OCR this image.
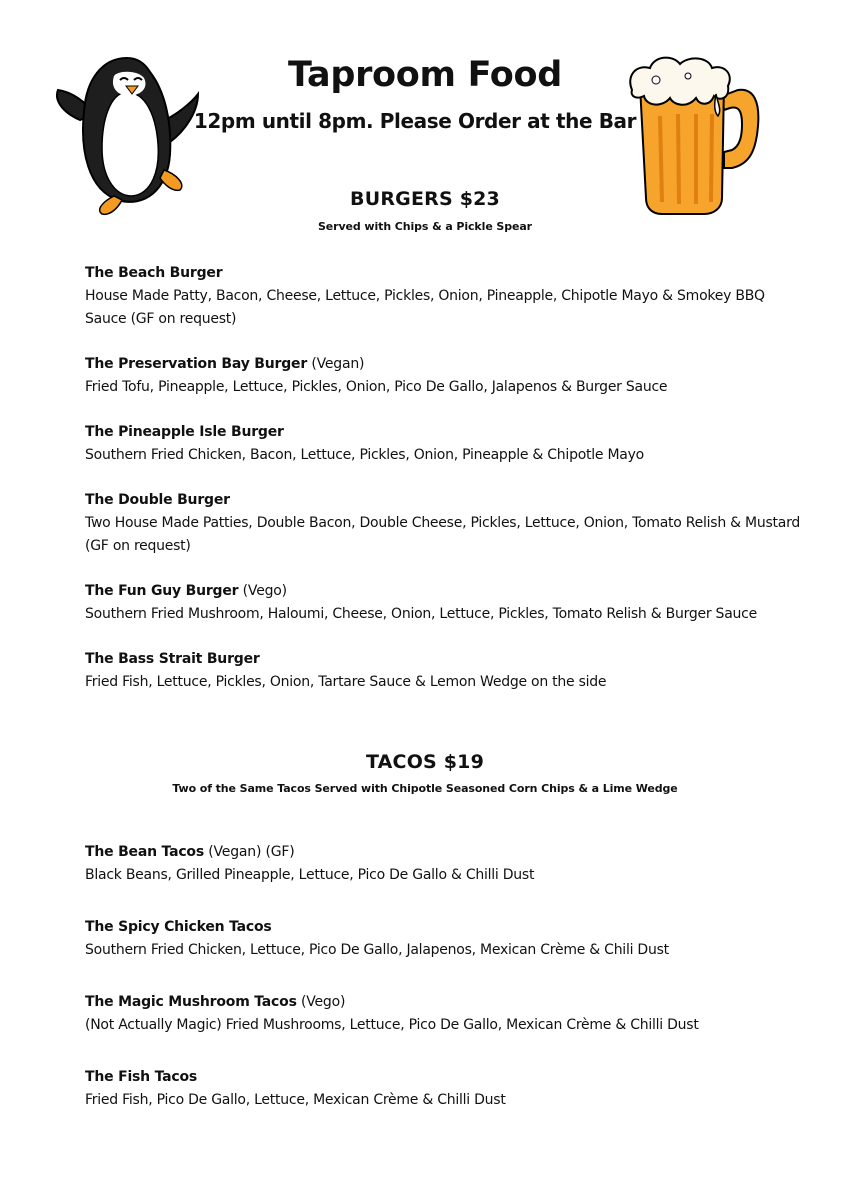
Taproom Food
12pm until 8pm. Please Order at the Bar
BURGERS $23
Served with Chips & a Pickle Spear
The Beach Burger
House Made Patty, Bacon, Cheese, Lettuce, Pickles, Onion, Pineapple, Chipotle Mayo & Smokey BBQ Sauce (GF on request)
The Preservation Bay Burger (Vegan)
Fried Tofu, Pineapple, Lettuce, Pickles, Onion, Pico De Gallo, Jalapenos & Burger Sauce
The Pineapple Isle Burger
Southern Fried Chicken, Bacon, Lettuce, Pickles, Onion, Pineapple & Chipotle Mayo
The Double Burger
Two House Made Patties, Double Bacon, Double Cheese, Pickles, Lettuce, Onion, Tomato Relish & Mustard (GF on request)
The Fun Guy Burger (Vego)
Southern Fried Mushroom, Haloumi, Cheese, Onion, Lettuce, Pickles, Tomato Relish & Burger Sauce
The Bass Strait Burger
Fried Fish, Lettuce, Pickles, Onion, Tartare Sauce & Lemon Wedge on the side
TACOS $19
Two of the Same Tacos Served with Chipotle Seasoned Corn Chips & a Lime Wedge
The Bean Tacos (Vegan) (GF)
Black Beans, Grilled Pineapple, Lettuce, Pico De Gallo & Chilli Dust
The Spicy Chicken Tacos
Southern Fried Chicken, Lettuce, Pico De Gallo, Jalapenos, Mexican Crème & Chili Dust
The Magic Mushroom Tacos (Vego)
(Not Actually Magic) Fried Mushrooms, Lettuce, Pico De Gallo, Mexican Crème & Chilli Dust
The Fish Tacos
Fried Fish, Pico De Gallo, Lettuce, Mexican Crème & Chilli Dust
